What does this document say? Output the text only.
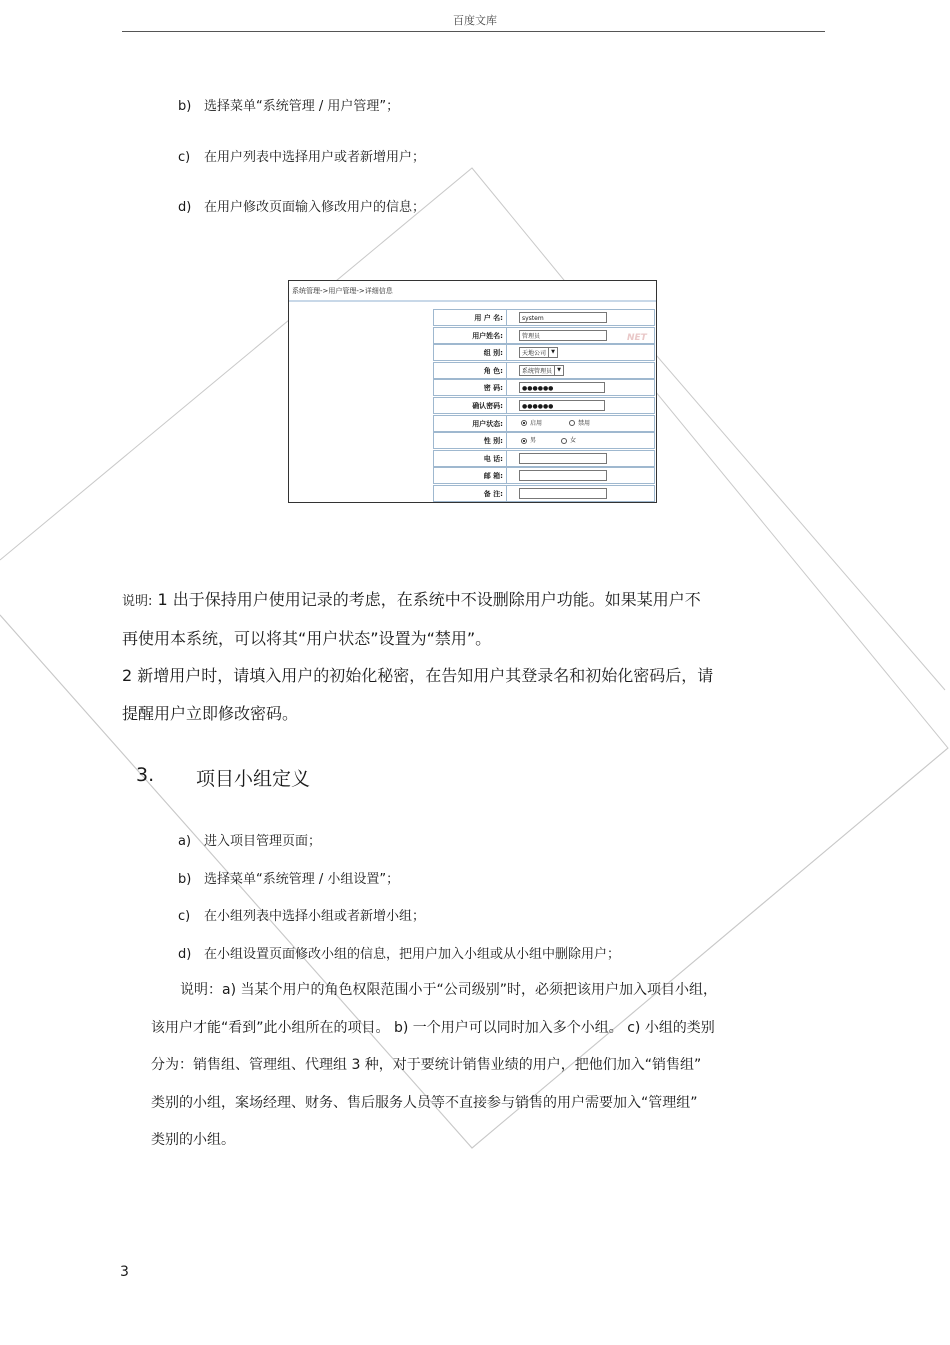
百度文库
b) 选择菜单“系统管理 / 用户管理”；
c) 在用户列表中选择用户或者新增用户；
d) 在用户修改页面输入修改用户的信息；
系统管理->用户管理->详细信息
NET
用 户 名:	system
用户姓名:	管理员
组 别:	天地公司 ▼
角 色:	系统管理员 ▼
密 码:	●●●●●●
确认密码:	●●●●●●
用户状态:	启用	禁用
性 别:	男	女
电 话:
邮 箱:
备 注:
说明: 1 出于保持用户使用记录的考虑，在系统中不设删除用户功能。如果某用户不
再使用本系统，可以将其“用户状态”设置为“禁用”。
2 新增用户时，请填入用户的初始化秘密，在告知用户其登录名和初始化密码后，请
提醒用户立即修改密码。
3. 项目小组定义
a) 进入项目管理页面；
b) 选择菜单“系统管理 / 小组设置”；
c) 在小组列表中选择小组或者新增小组；
d) 在小组设置页面修改小组的信息，把用户加入小组或从小组中删除用户；
说明：a) 当某个用户的角色权限范围小于“公司级别”时，必须把该用户加入项目小组，
该用户才能“看到”此小组所在的项目。 b) 一个用户可以同时加入多个小组。 c) 小组的类别
分为：销售组、管理组、代理组 3 种，对于要统计销售业绩的用户，把他们加入“销售组”
类别的小组，案场经理、财务、售后服务人员等不直接参与销售的用户需要加入“管理组”
类别的小组。
3
